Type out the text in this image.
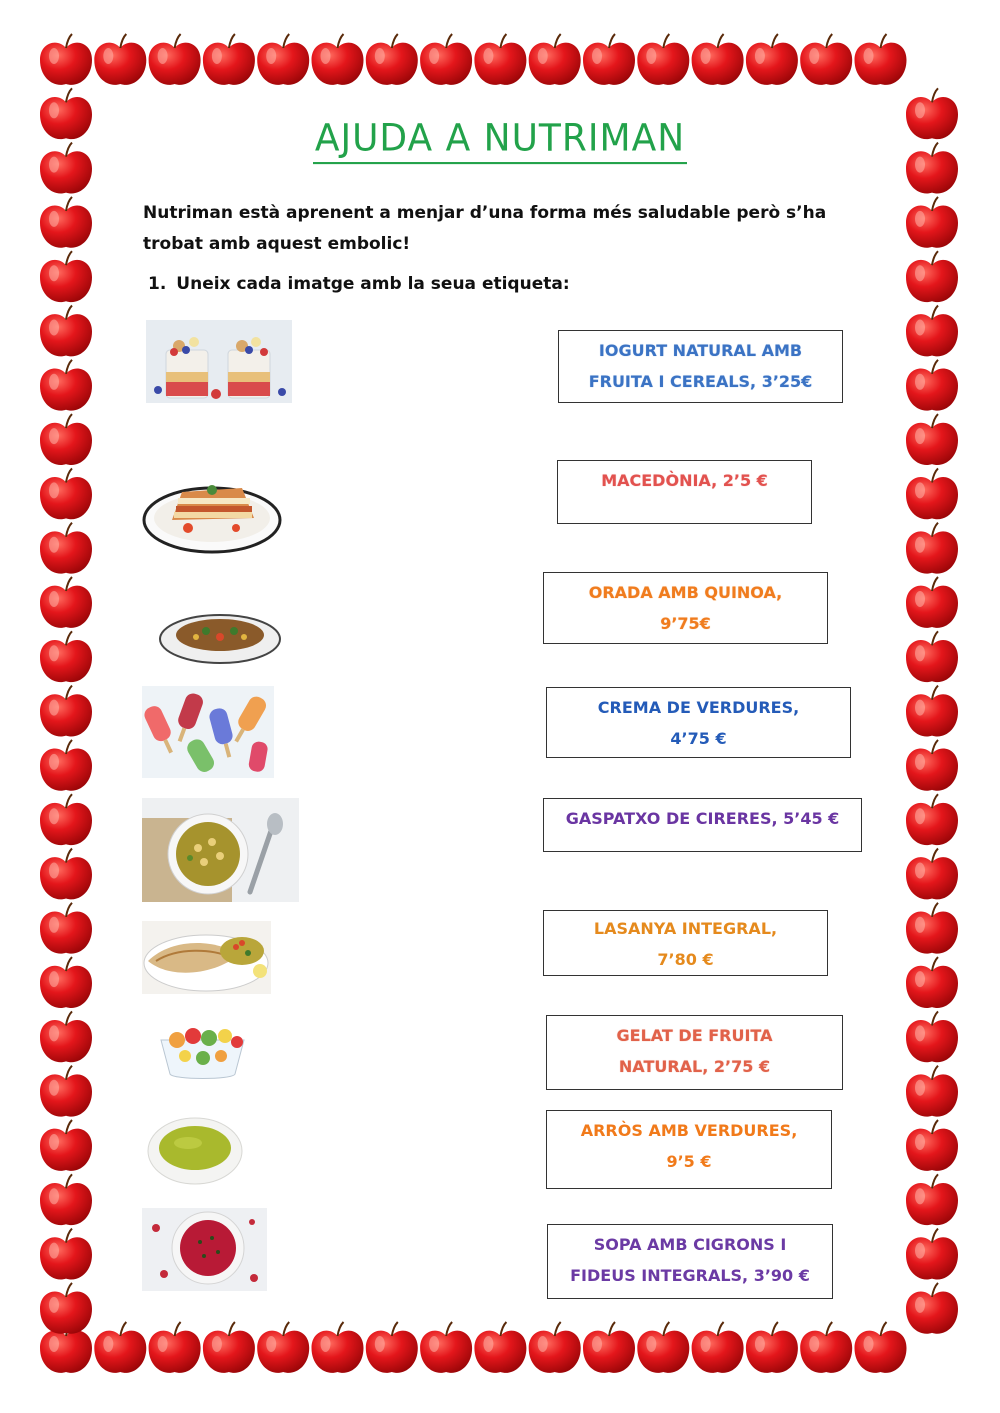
AJUDA A NUTRIMAN
Nutriman està aprenent a menjar d’una forma més saludable però s’ha trobat amb aquest embolic!
1. Uneix cada imatge amb la seua etiqueta:
IOGURT NATURAL AMB
FRUITA I CEREALS, 3’25€
MACEDÒNIA, 2’5 €
ORADA AMB QUINOA,
9’75€
CREMA DE VERDURES,
4’75 €
GASPATXO DE CIRERES, 5’45 €
LASANYA INTEGRAL,
7’80 €
GELAT DE FRUITA
NATURAL, 2’75 €
ARRÒS AMB VERDURES,
9’5 €
SOPA AMB CIGRONS I
FIDEUS INTEGRALS, 3’90 €
